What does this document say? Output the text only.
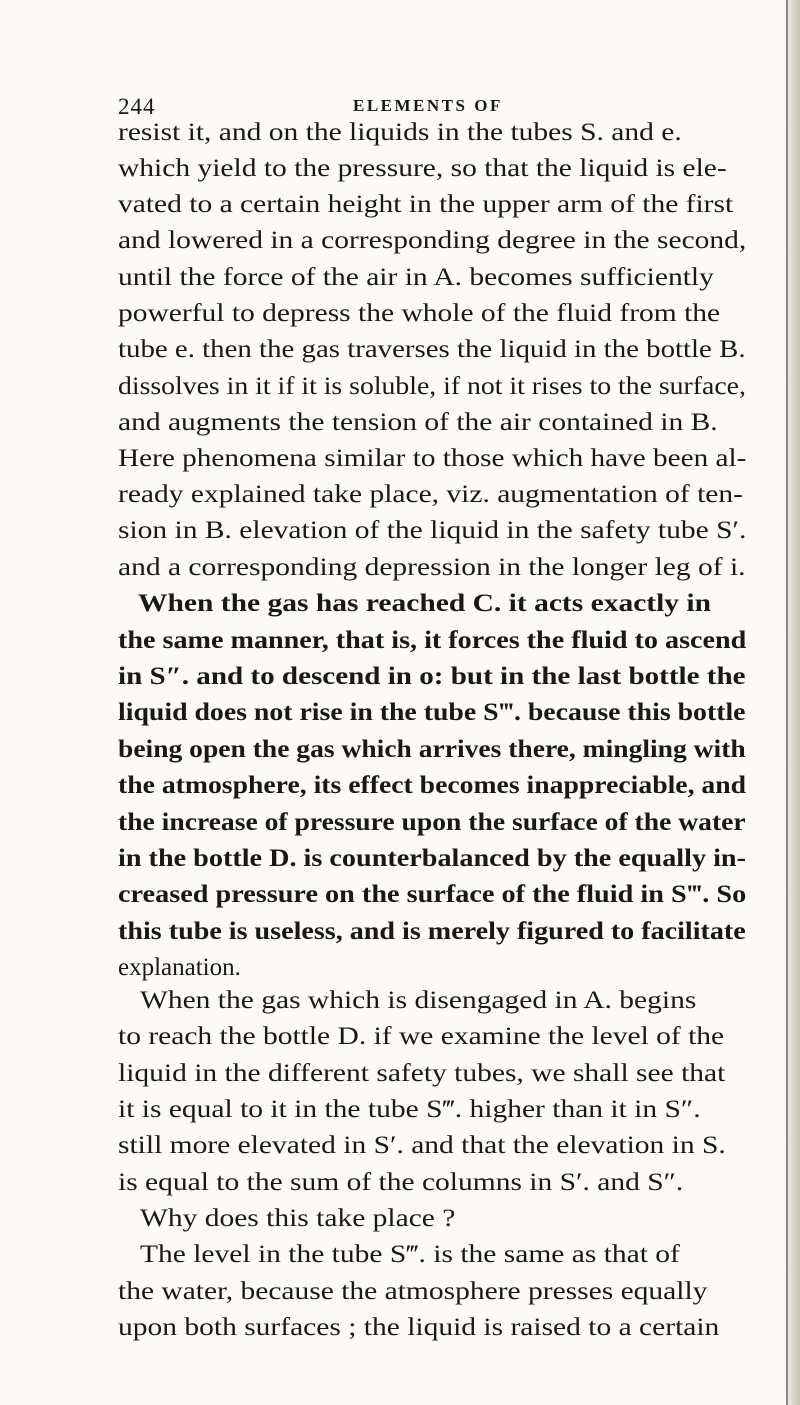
244	ELEMENTS OF
resist it, and on the liquids in the tubes S. and e.
which yield to the pressure, so that the liquid is ele-
vated to a certain height in the upper arm of the first
and lowered in a corresponding degree in the second,
until the force of the air in A. becomes sufficiently
powerful to depress the whole of the fluid from the
tube e. then the gas traverses the liquid in the bottle B.
dissolves in it if it is soluble, if not it rises to the surface,
and augments the tension of the air contained in B.
Here phenomena similar to those which have been al-
ready explained take place, viz. augmentation of ten-
sion in B. elevation of the liquid in the safety tube S′.
and a corresponding depression in the longer leg of i.
When the gas has reached C. it acts exactly in
the same manner, that is, it forces the fluid to ascend
in S″. and to descend in o: but in the last bottle the
liquid does not rise in the tube S‴. because this bottle
being open the gas which arrives there, mingling with
the atmosphere, its effect becomes inappreciable, and
the increase of pressure upon the surface of the water
in the bottle D. is counterbalanced by the equally in-
creased pressure on the surface of the fluid in S‴. So
this tube is useless, and is merely figured to facilitate
explanation.
When the gas which is disengaged in A. begins
to reach the bottle D. if we examine the level of the
liquid in the different safety tubes, we shall see that
it is equal to it in the tube S‴. higher than it in S″.
still more elevated in S′. and that the elevation in S.
is equal to the sum of the columns in S′. and S″.
Why does this take place ?
The level in the tube S‴. is the same as that of
the water, because the atmosphere presses equally
upon both surfaces ; the liquid is raised to a certain
